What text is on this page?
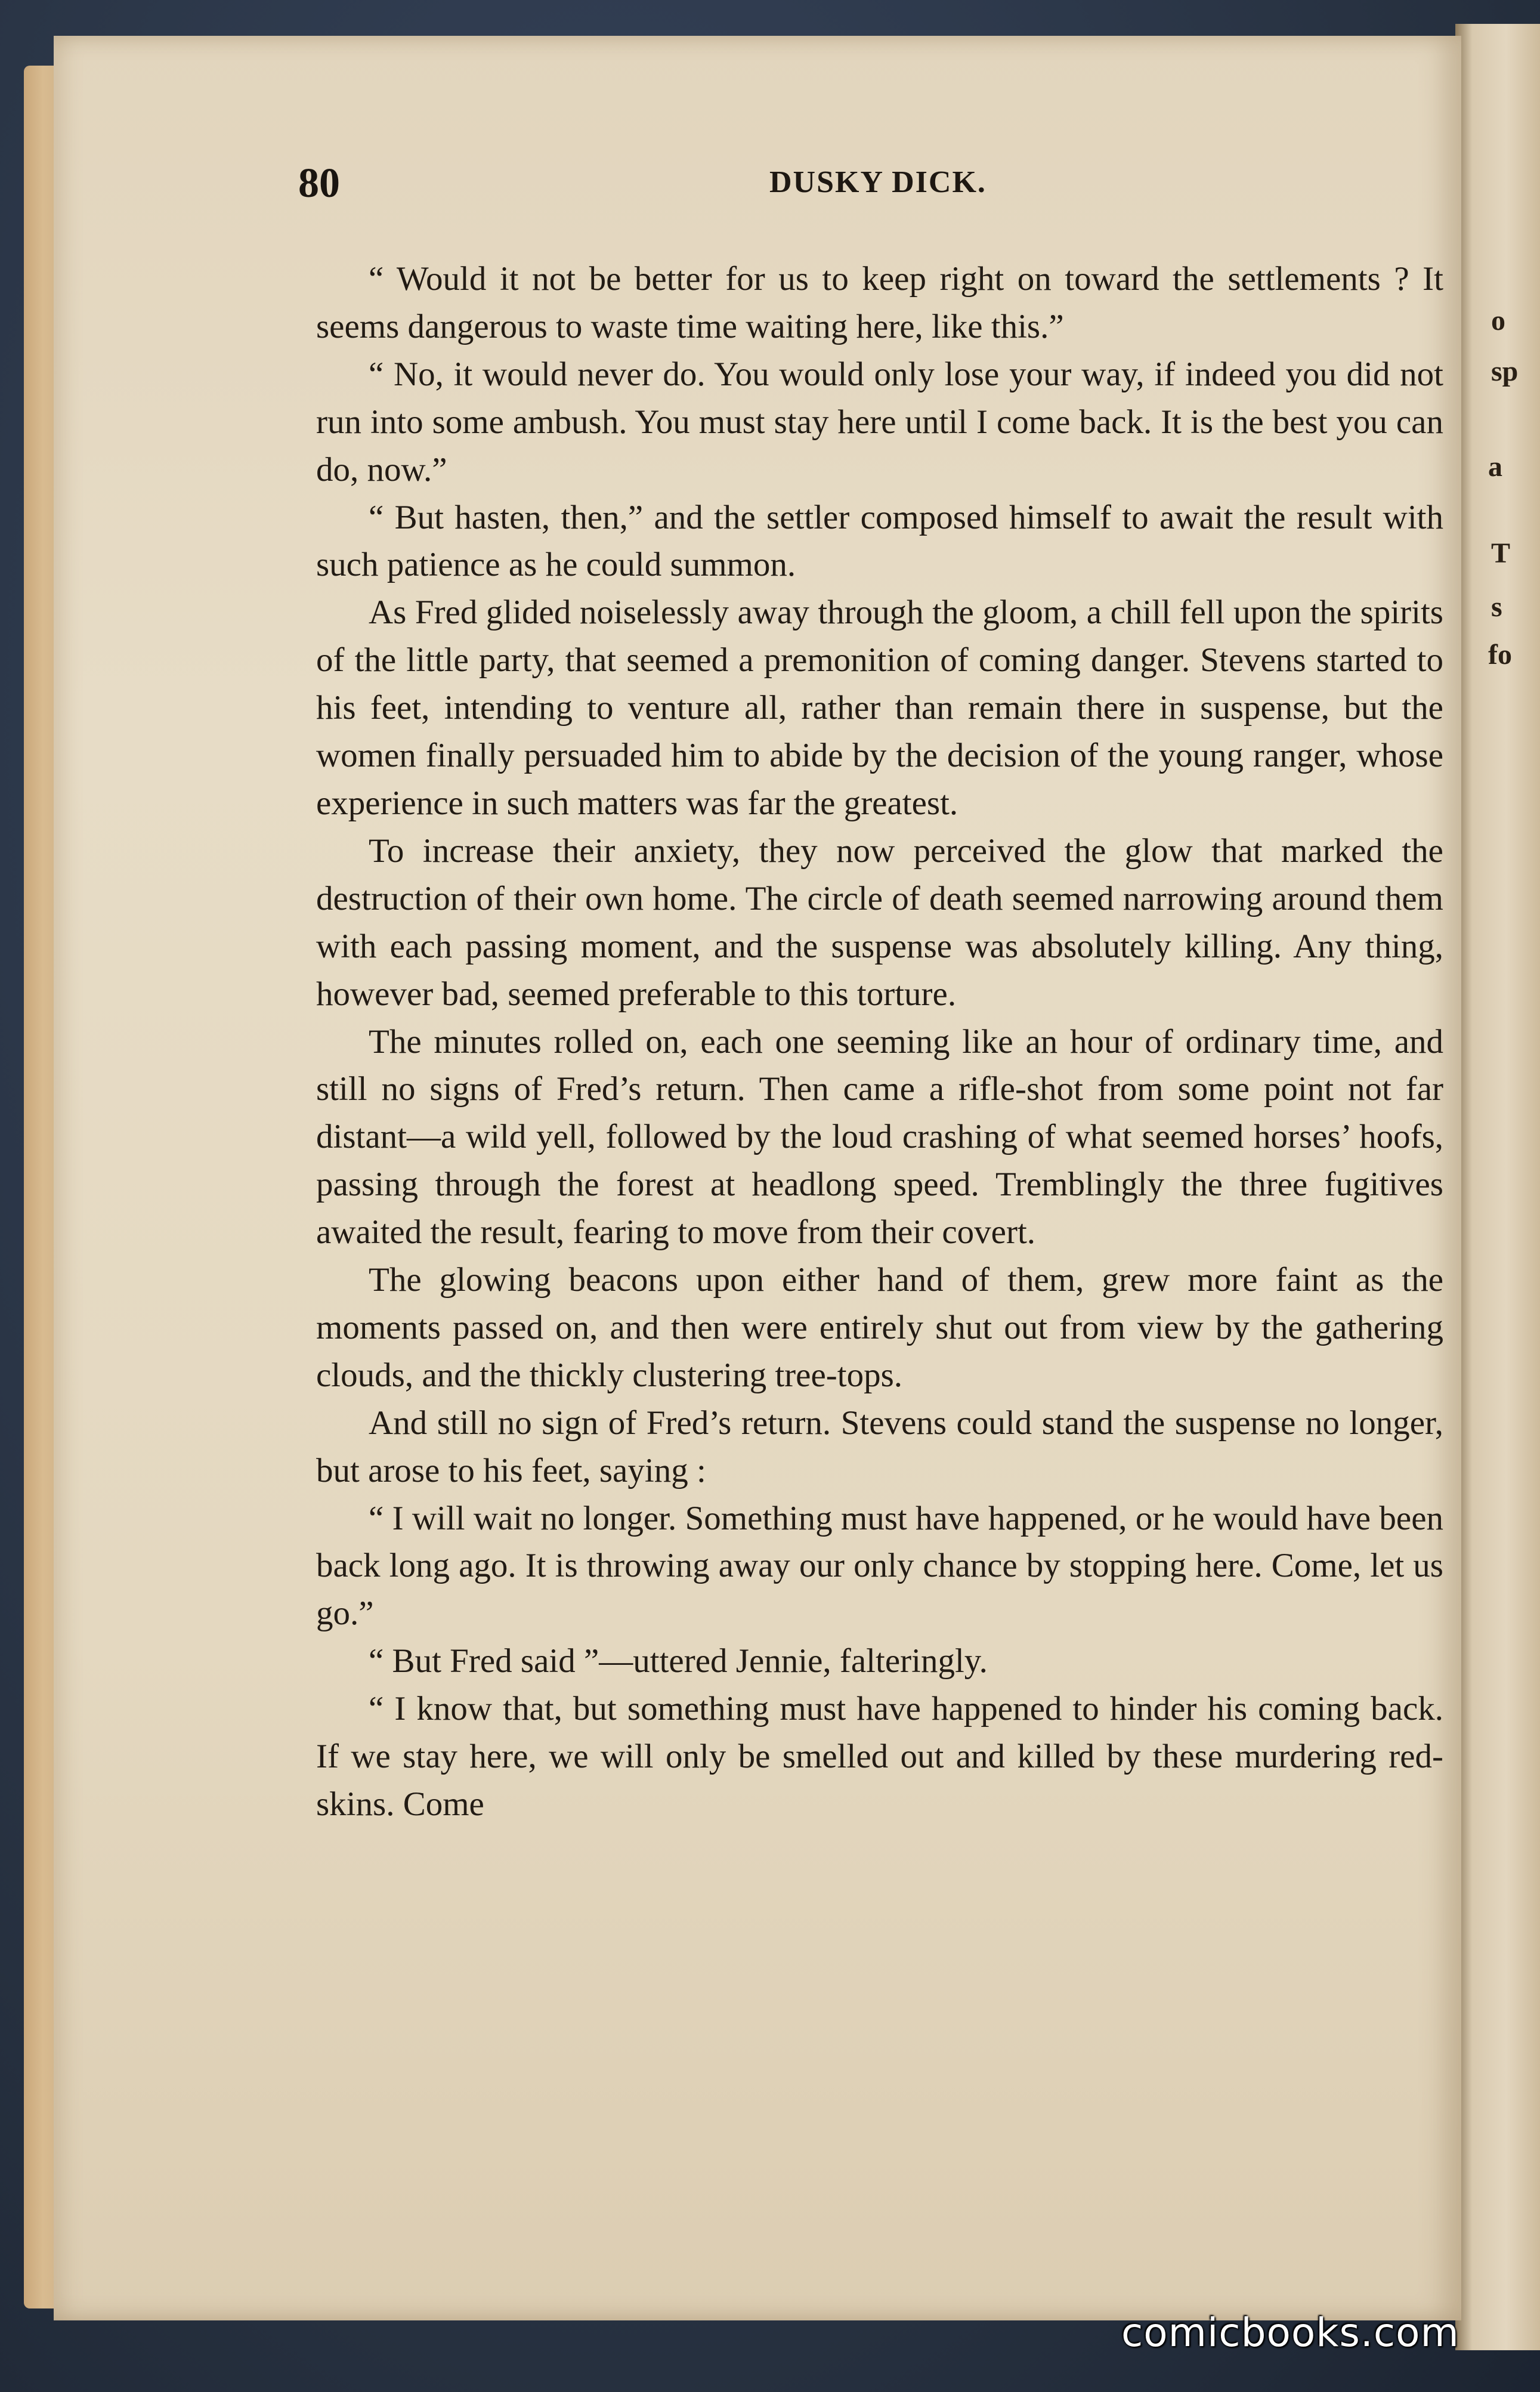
o
sp
a
T
s
fo
80	DUSKY DICK.

“ Would it not be better for us to keep right on toward the settlements ? It seems dangerous to waste time waiting here, like this.”

“ No, it would never do. You would only lose your way, if indeed you did not run into some ambush. You must stay here until I come back. It is the best you can do, now.”

“ But hasten, then,” and the settler composed himself to await the result with such patience as he could summon.

As Fred glided noiselessly away through the gloom, a chill fell upon the spirits of the little party, that seemed a premonition of coming danger. Stevens started to his feet, intending to venture all, rather than remain there in suspense, but the women finally persuaded him to abide by the decision of the young ranger, whose experience in such matters was far the greatest.

To increase their anxiety, they now perceived the glow that marked the destruction of their own home. The circle of death seemed narrowing around them with each passing moment, and the suspense was absolutely killing. Any thing, however bad, seemed preferable to this torture.

The minutes rolled on, each one seeming like an hour of ordinary time, and still no signs of Fred’s return. Then came a rifle-shot from some point not far distant—a wild yell, followed by the loud crashing of what seemed horses’ hoofs, passing through the forest at headlong speed. Tremblingly the three fugitives awaited the result, fearing to move from their covert.

The glowing beacons upon either hand of them, grew more faint as the moments passed on, and then were entirely shut out from view by the gathering clouds, and the thickly clustering tree-tops.

And still no sign of Fred’s return. Stevens could stand the suspense no longer, but arose to his feet, saying :

“ I will wait no longer. Something must have happened, or he would have been back long ago. It is throwing away our only chance by stopping here. Come, let us go.”

“ But Fred said ”—uttered Jennie, falteringly.

“ I know that, but something must have happened to hinder his coming back. If we stay here, we will only be smelled out and killed by these murdering red-skins. Come

comicbooks.com
